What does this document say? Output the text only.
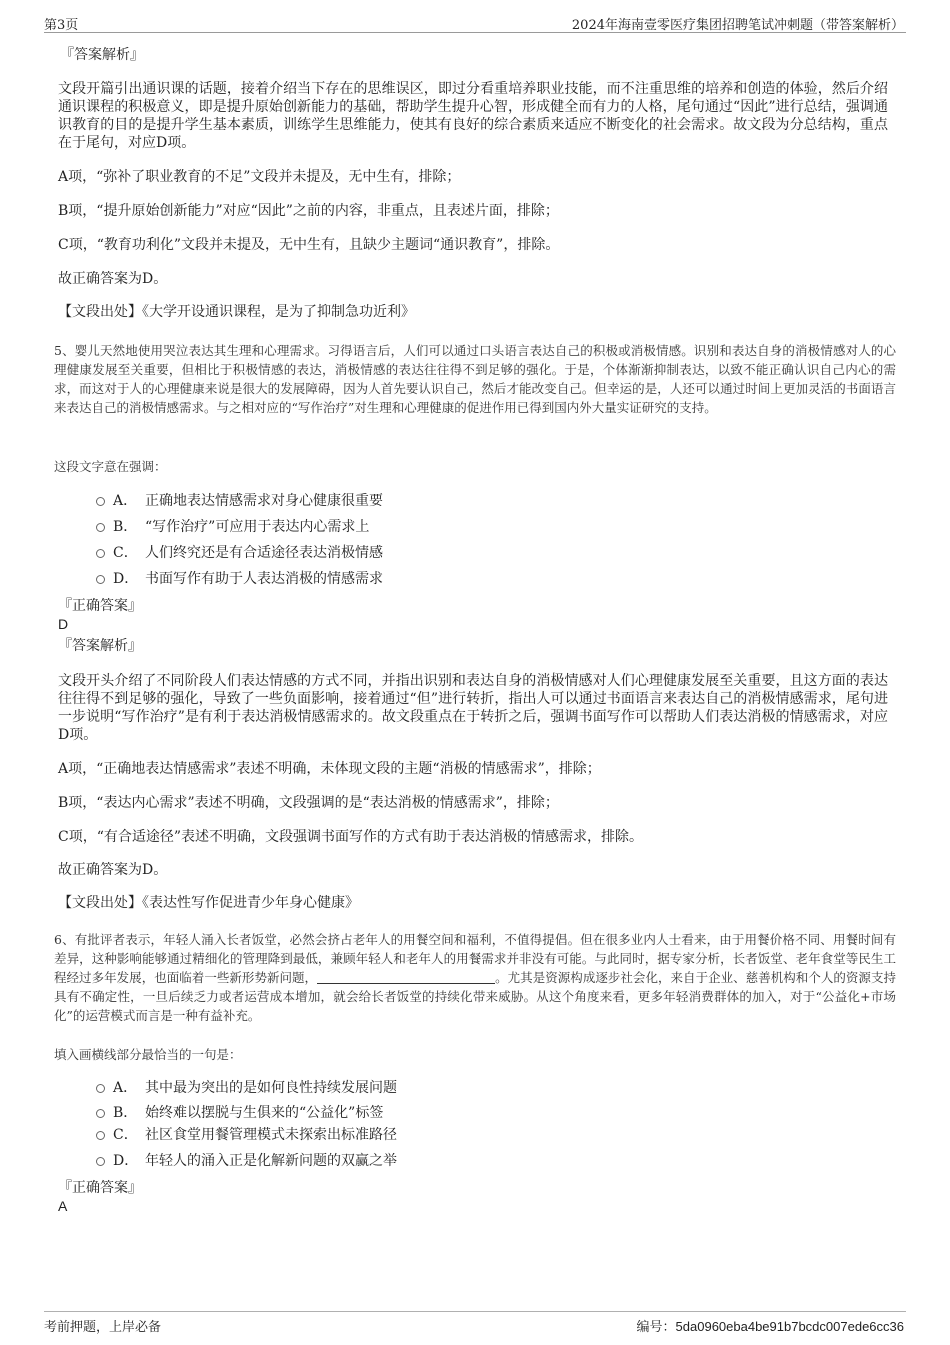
第3页	2024年海南壹零医疗集团招聘笔试冲刺题（带答案解析）
『答案解析』
文段开篇引出通识课的话题，接着介绍当下存在的思维误区，即过分看重培养职业技能，而不注重思维的培养和创造的体验，然后介绍通识课程的积极意义，即是提升原始创新能力的基础，帮助学生提升心智，形成健全而有力的人格，尾句通过“因此”进行总结，强调通识教育的目的是提升学生基本素质，训练学生思维能力，使其有良好的综合素质来适应不断变化的社会需求。故文段为分总结构，重点在于尾句，对应D项。
A项，“弥补了职业教育的不足”文段并未提及，无中生有，排除；
B项，“提升原始创新能力”对应“因此”之前的内容，非重点，且表述片面，排除；
C项，“教育功利化”文段并未提及，无中生有，且缺少主题词“通识教育”，排除。
故正确答案为D。
【文段出处】《大学开设通识课程，是为了抑制急功近利》
5、婴儿天然地使用哭泣表达其生理和心理需求。习得语言后，人们可以通过口头语言表达自己的积极或消极情感。识别和表达自身的消极情感对人的心理健康发展至关重要，但相比于积极情感的表达，消极情感的表达往往得不到足够的强化。于是，个体渐渐抑制表达，以致不能正确认识自己内心的需求，而这对于人的心理健康来说是很大的发展障碍，因为人首先要认识自己，然后才能改变自己。但幸运的是，人还可以通过时间上更加灵活的书面语言来表达自己的消极情感需求。与之相对应的“写作治疗”对生理和心理健康的促进作用已得到国内外大量实证研究的支持。
这段文字意在强调：
A． 正确地表达情感需求对身心健康很重要
B． “写作治疗”可应用于表达内心需求上
C． 人们终究还是有合适途径表达消极情感
D． 书面写作有助于人表达消极的情感需求
『正确答案』
D
『答案解析』
文段开头介绍了不同阶段人们表达情感的方式不同，并指出识别和表达自身的消极情感对人们心理健康发展至关重要，且这方面的表达往往得不到足够的强化，导致了一些负面影响，接着通过“但”进行转折，指出人可以通过书面语言来表达自己的消极情感需求，尾句进一步说明“写作治疗”是有利于表达消极情感需求的。故文段重点在于转折之后，强调书面写作可以帮助人们表达消极的情感需求，对应D项。
A项，“正确地表达情感需求”表述不明确，未体现文段的主题“消极的情感需求”，排除；
B项，“表达内心需求”表述不明确，文段强调的是“表达消极的情感需求”，排除；
C项，“有合适途径”表述不明确，文段强调书面写作的方式有助于表达消极的情感需求，排除。
故正确答案为D。
【文段出处】《表达性写作促进青少年身心健康》
6、有批评者表示，年轻人涌入长者饭堂，必然会挤占老年人的用餐空间和福利，不值得提倡。但在很多业内人士看来，由于用餐价格不同、用餐时间有差异，这种影响能够通过精细化的管理降到最低，兼顾年轻人和老年人的用餐需求并非没有可能。与此同时，据专家分析，长者饭堂、老年食堂等民生工程经过多年发展，也面临着一些新形势新问题，	。尤其是资源构成逐步社会化，来自于企业、慈善机构和个人的资源支持具有不确定性，一旦后续乏力或者运营成本增加，就会给长者饭堂的持续化带来威胁。从这个角度来看，更多年轻消费群体的加入，对于“公益化+市场化”的运营模式而言是一种有益补充。
填入画横线部分最恰当的一句是：
A． 其中最为突出的是如何良性持续发展问题
B． 始终难以摆脱与生俱来的“公益化”标签
C． 社区食堂用餐管理模式未探索出标准路径
D． 年轻人的涌入正是化解新问题的双赢之举
『正确答案』
A
考前押题，上岸必备	编号：5da0960eba4be91b7bcdc007ede6cc36
